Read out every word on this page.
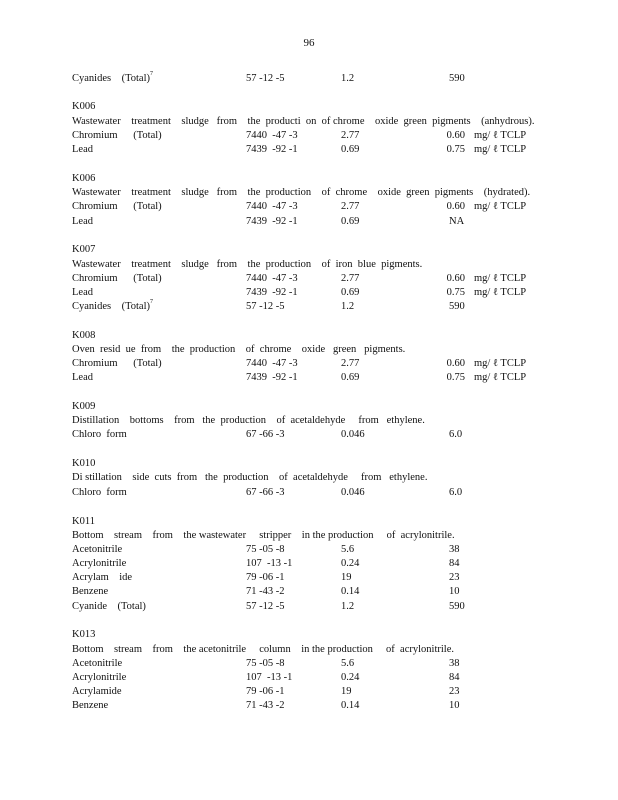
96
Cyanides    (Total)$^7$	57 -12 -5	1.2	590
K006
Wastewater    treatment    sludge   from    the  producti  on  of chrome    oxide  green  pigments    (anhydrous).
Chromium      (Total)	7440  -47 -3	2.77	0.60 mg/ ℓ TCLP
Lead	7439  -92 -1	0.69	0.75 mg/ ℓ TCLP
K006
Wastewater    treatment    sludge   from    the  production    of  chrome    oxide  green  pigments    (hydrated).
Chromium      (Total)	7440  -47 -3	2.77	0.60 mg/ ℓ TCLP
Lead	7439  -92 -1	0.69	NA
K007
Wastewater    treatment    sludge   from    the  production    of  iron  blue  pigments.
Chromium      (Total)	7440  -47 -3	2.77	0.60 mg/ ℓ TCLP
Lead	7439  -92 -1	0.69	0.75 mg/ ℓ TCLP
Cyanides    (Total)$^7$	57 -12 -5	1.2	590
K008
Oven  resid  ue  from    the  production    of  chrome    oxide   green   pigments.
Chromium      (Total)	7440  -47 -3	2.77	0.60 mg/ ℓ TCLP
Lead	7439  -92 -1	0.69	0.75 mg/ ℓ TCLP
K009
Distillation    bottoms    from   the  production    of  acetaldehyde     from   ethylene.
Chloro  form	67 -66 -3	0.046	6.0
K010
Di stillation    side  cuts  from   the  production    of  acetaldehyde     from   ethylene.
Chloro  form	67 -66 -3	0.046	6.0
K011
Bottom    stream    from    the wastewater     stripper    in the production     of  acrylonitrile.
Acetonitrile	75 -05 -8	5.6	38
Acrylonitrile	107  -13 -1	0.24	84
Acrylam    ide	79 -06 -1	19	23
Benzene	71 -43 -2	0.14	10
Cyanide    (Total)	57 -12 -5	1.2	590
K013
Bottom    stream    from    the acetonitrile     column    in the production     of  acrylonitrile.
Acetonitrile	75 -05 -8	5.6	38
Acrylonitrile	107  -13 -1	0.24	84
Acrylamide	79 -06 -1	19	23
Benzene	71 -43 -2	0.14	10
